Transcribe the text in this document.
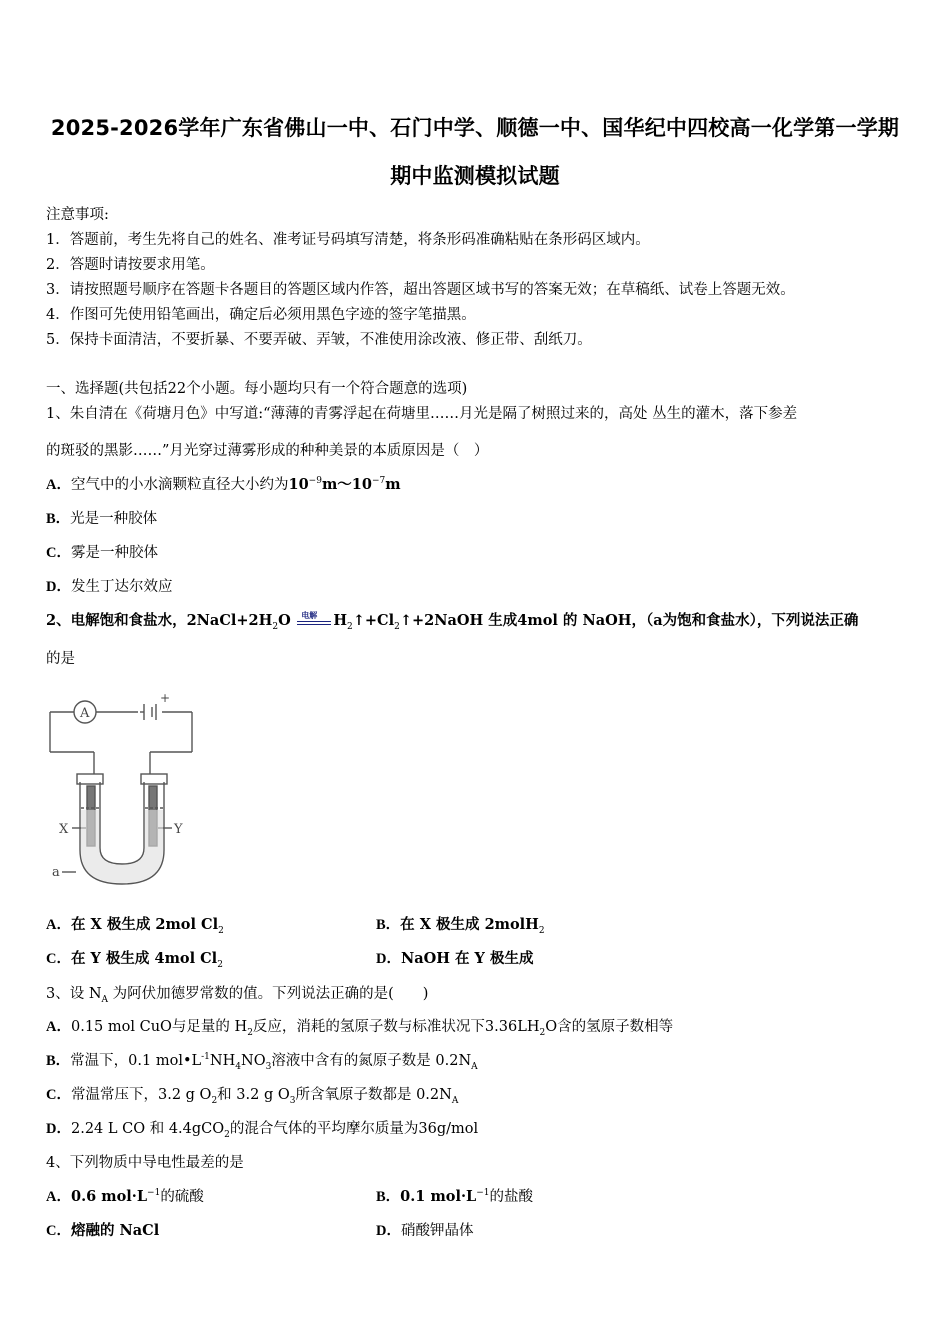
2025-2026学年广东省佛山一中、石门中学、顺德一中、国华纪中四校高一化学第一学期
期中监测模拟试题
注意事项:
1．答题前，考生先将自己的姓名、准考证号码填写清楚，将条形码准确粘贴在条形码区域内。
2．答题时请按要求用笔。
3．请按照题号顺序在答题卡各题目的答题区域内作答，超出答题区域书写的答案无效；在草稿纸、试卷上答题无效。
4．作图可先使用铅笔画出，确定后必须用黑色字迹的签字笔描黑。
5．保持卡面清洁，不要折暴、不要弄破、弄皱，不准使用涂改液、修正带、刮纸刀。
一、选择题(共包括22个小题。每小题均只有一个符合题意的选项)
1、朱自清在《荷塘月色》中写道:“薄薄的青雾浮起在荷塘里……月光是隔了树照过来的，高处 丛生的灌木，落下参差
的斑驳的黑影……”月光穿过薄雾形成的种种美景的本质原因是（　）
A．空气中的小水滴颗粒直径大小约为$10^{-9}m\sim 10^{-7}m$
B．光是一种胶体
C．雾是一种胶体
D．发生丁达尔效应
2、电解饱和食盐水，$2NaCl+2H_2O$ 电解 $H_2↑+Cl_2↑+2NaOH$ 生成4mol 的 NaOH，（a为饱和食盐水），下列说法正确
的是
A
+
X	Y
a
A．在 X 极生成 2mol $Cl_2$	B．在 X 极生成 2molH$_2$
C．在 Y 极生成 4mol $Cl_2$	D．NaOH 在 Y 极生成
3、设 $N_A$ 为阿伏加德罗常数的值。下列说法正确的是(　　)
A．0.15 mol CuO与足量的 $H_2$反应，消耗的氢原子数与标准状况下$3.36LH_2O$含的氢原子数相等
B．常温下，0.1 $mol•L^{-1}NH_4NO_3$溶液中含有的氮原子数是 $0.2N_A$
C．常温常压下，3.2 g $O_2$和 3.2 g $O_3$所含氧原子数都是 $0.2N_A$
D．2.24 L CO 和 4.4gCO$_2$的混合气体的平均摩尔质量为36g/mol
4、下列物质中导电性最差的是
A．0.6 $mol\cdot L^{-1}$的硫酸	B．0.1 $mol\cdot L^{-1}$的盐酸
C．熔融的 NaCl	D．硝酸钾晶体
